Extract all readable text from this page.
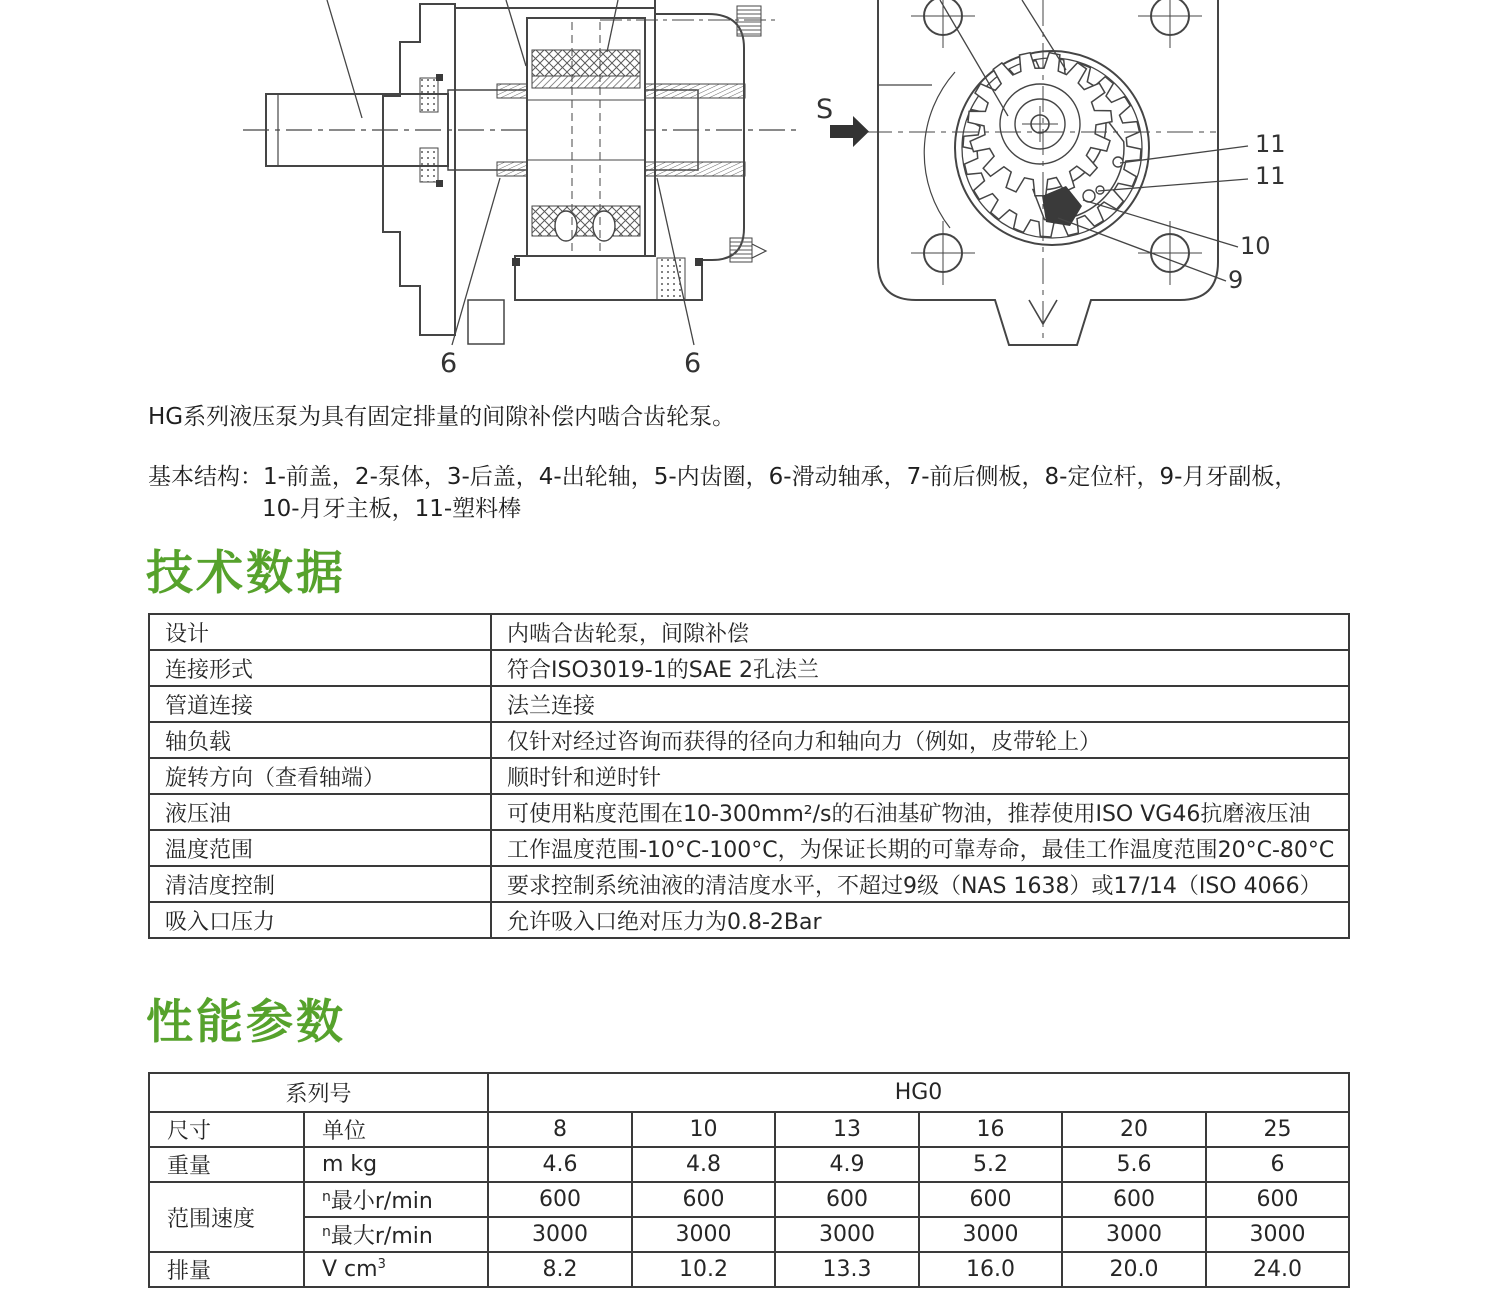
6	6
S
11
11
10
9

HG系列液压泵为具有固定排量的间隙补偿内啮合齿轮泵。

基本结构：1-前盖，2-泵体，3-后盖，4-出轮轴，5-内齿圈，6-滑动轴承，7-前后侧板，8-定位杆，9-月牙副板，
10-月牙主板，11-塑料棒
技术数据
设计	内啮合齿轮泵，间隙补偿
连接形式	符合ISO3019-1的SAE 2孔法兰
管道连接	法兰连接
轴负载	仅针对经过咨询而获得的径向力和轴向力（例如，皮带轮上）
旋转方向（查看轴端）	顺时针和逆时针
液压油	可使用粘度范围在10-300mm²/s的石油基矿物油，推荐使用ISO VG46抗磨液压油
温度范围	工作温度范围-10°C-100°C，为保证长期的可靠寿命，最佳工作温度范围20°C-80°C
清洁度控制	要求控制系统油液的清洁度水平，不超过9级（NAS 1638）或17/14（ISO 4066）
吸入口压力	允许吸入口绝对压力为0.8-2Bar
性能参数
系列号		HG0					
尺寸	单位	8	10	13	16	20	25
重量	m kg	4.6	4.8	4.9	5.2	5.6	6
范围速度	$^n$最小r/min	600	600	600	600	600	600
	$^n$最大r/min	3000	3000	3000	3000	3000	3000
排量	V $cm^3$	8.2	10.2	13.3	16.0	20.0	24.0
